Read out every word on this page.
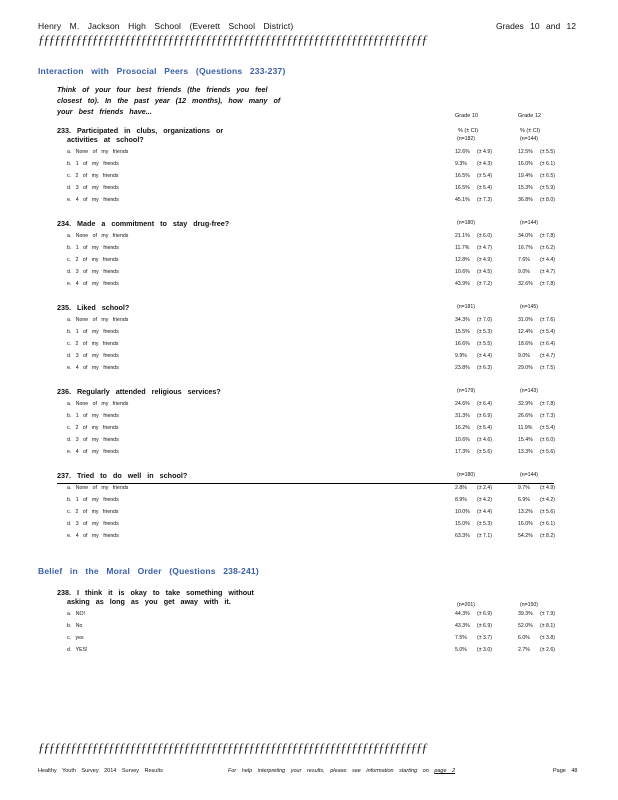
Henry M. Jackson High School (Everett School District)	Grades 10 and 12
ƒƒƒƒƒƒƒƒƒƒƒƒƒƒƒƒƒƒƒƒƒƒƒƒƒƒƒƒƒƒƒƒƒƒƒƒƒƒƒƒƒƒƒƒƒƒƒƒƒƒƒƒƒƒƒƒƒƒƒƒƒƒƒƒƒƒƒƒƒƒƒƒ
Interaction with Prosocial Peers (Questions 233-237)
Think of your four best friends (the friends you feel closest to). In the past year (12 months), how many of your best friends have...	Grade 10	Grade 12
% (± CI)	% (± CI)
233. Participated in clubs, organizations or
activities at school?	(n=182)	(n=144)
a. None of my friends	12.6% (± 4.9)	12.5% (± 5.5)
b. 1 of my friends	9.3% (± 4.3)	16.0% (± 6.1)
c. 2 of my friends	16.5% (± 5.4)	19.4% (± 6.5)
d. 3 of my friends	16.5% (± 5.4)	15.3% (± 5.9)
e. 4 of my friends	45.1% (± 7.3)	36.8% (± 8.0)
234. Made a commitment to stay drug-free?	(n=180)	(n=144)
a. None of my friends	21.1% (± 6.0)	34.0% (± 7.8)
b. 1 of my friends	11.7% (± 4.7)	16.7% (± 6.2)
c. 2 of my friends	12.8% (± 4.9)	7.6% (± 4.4)
d. 3 of my friends	10.6% (± 4.5)	9.0% (± 4.7)
e. 4 of my friends	43.9% (± 7.2)	32.6% (± 7.8)
235. Liked school?	(n=181)	(n=145)
a. None of my friends	34.3% (± 7.0)	31.0% (± 7.6)
b. 1 of my friends	15.5% (± 5.3)	12.4% (± 5.4)
c. 2 of my friends	16.6% (± 5.5)	18.6% (± 6.4)
d. 3 of my friends	9.9% (± 4.4)	9.0% (± 4.7)
e. 4 of my friends	23.8% (± 6.3)	29.0% (± 7.5)
236. Regularly attended religious services?	(n=179)	(n=143)
a. None of my friends	24.6% (± 6.4)	32.9% (± 7.8)
b. 1 of my friends	31.3% (± 6.9)	26.6% (± 7.3)
c. 2 of my friends	16.2% (± 5.4)	11.9% (± 5.4)
d. 3 of my friends	10.6% (± 4.6)	15.4% (± 6.0)
e. 4 of my friends	17.3% (± 5.6)	13.3% (± 5.6)
237. Tried to do well in school?	(n=180)	(n=144)
a. None of my friends	2.8% (± 2.4)	9.7% (± 4.9)
b. 1 of my friends	8.9% (± 4.2)	6.9% (± 4.2)
c. 2 of my friends	10.0% (± 4.4)	13.2% (± 5.6)
d. 3 of my friends	15.0% (± 5.3)	16.0% (± 6.1)
e. 4 of my friends	63.3% (± 7.1)	54.2% (± 8.2)
Belief in the Moral Order (Questions 238-241)
238. I think it is okay to take something without
asking as long as you get away with it.	(n=201)	(n=150)
a. NO!	44.3% (± 6.9)	39.3% (± 7.9)
b. No	43.3% (± 6.9)	52.0% (± 8.1)
c. yes	7.5% (± 3.7)	6.0% (± 3.8)
d. YES!	5.0% (± 3.0)	2.7% (± 2.6)
ƒƒƒƒƒƒƒƒƒƒƒƒƒƒƒƒƒƒƒƒƒƒƒƒƒƒƒƒƒƒƒƒƒƒƒƒƒƒƒƒƒƒƒƒƒƒƒƒƒƒƒƒƒƒƒƒƒƒƒƒƒƒƒƒƒƒƒƒƒƒƒƒ
Healthy Youth Survey 2014 Survey Results	For help interpreting your results, please see information starting on page 2	Page 48
